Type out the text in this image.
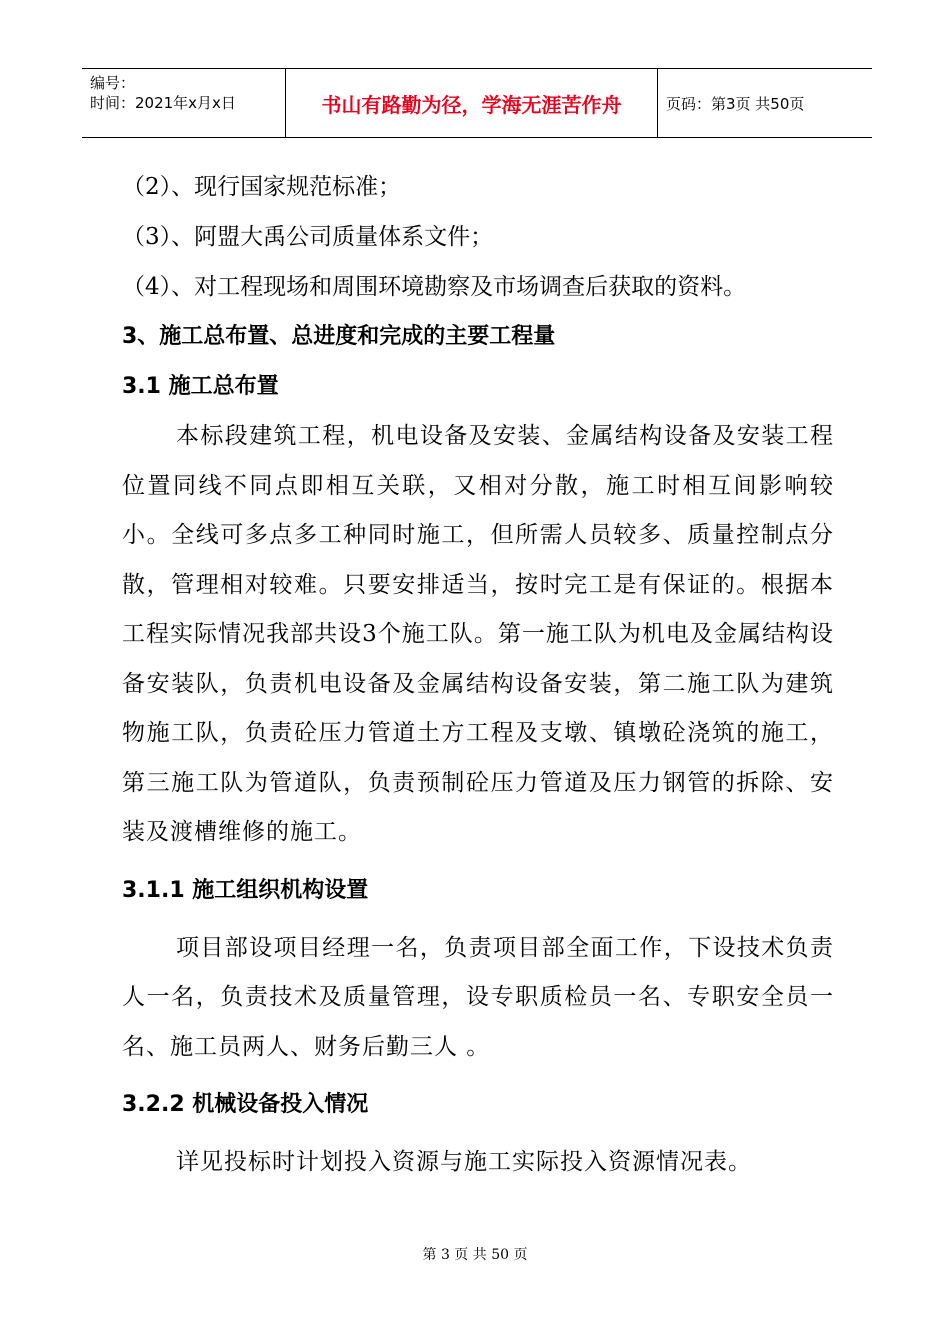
编号：
时间：2021年x月x日	书山有路勤为径，学海无涯苦作舟	页码：第3页 共50页
（2）、现行国家规范标准；
（3）、阿盟大禹公司质量体系文件；
（4）、对工程现场和周围环境勘察及市场调查后获取的资料。
3、施工总布置、总进度和完成的主要工程量
3.1 施工总布置
本标段建筑工程，机电设备及安装、金属结构设备及安装工程位置同线不同点即相互关联，又相对分散，施工时相互间影响较小。全线可多点多工种同时施工，但所需人员较多、质量控制点分散，管理相对较难。只要安排适当，按时完工是有保证的。根据本工程实际情况我部共设3个施工队。第一施工队为机电及金属结构设备安装队，负责机电设备及金属结构设备安装，第二施工队为建筑物施工队，负责砼压力管道土方工程及支墩、镇墩砼浇筑的施工，第三施工队为管道队，负责预制砼压力管道及压力钢管的拆除、安装及渡槽维修的施工。
3.1.1 施工组织机构设置
项目部设项目经理一名，负责项目部全面工作，下设技术负责人一名，负责技术及质量管理，设专职质检员一名、专职安全员一名、施工员两人、财务后勤三人 。
3.2.2 机械设备投入情况
详见投标时计划投入资源与施工实际投入资源情况表。
第 3 页 共 50 页
